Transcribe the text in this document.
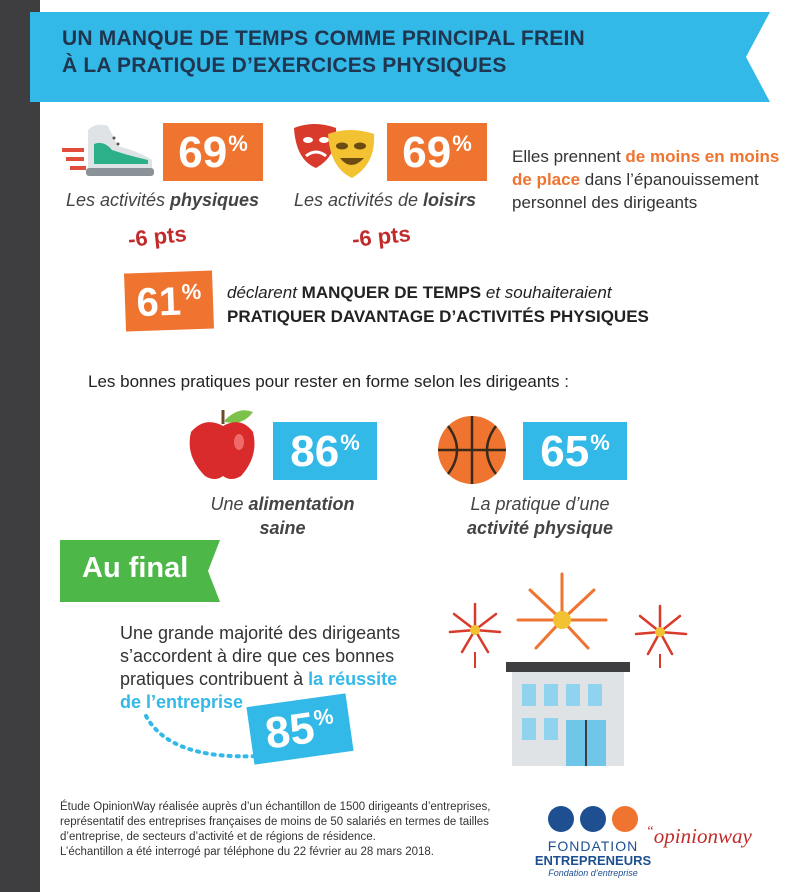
UN MANQUE DE TEMPS COMME PRINCIPAL FREIN
À LA PRATIQUE D’EXERCICES PHYSIQUES
69 %
Les activités physiques
-6 pts
69 %
Les activités de loisirs
-6 pts
Elles prennent de moins en moins de place dans l’épanouissement personnel des dirigeants
61 % déclarent MANQUER DE TEMPS et souhaiteraient
PRATIQUER DAVANTAGE D’ACTIVITÉS PHYSIQUES
Les bonnes pratiques pour rester en forme selon les dirigeants :
86 %
Une alimentation
saine
65 %
La pratique d’une
activité physique
Au final
Une grande majorité des dirigeants
s’accordent à dire que ces bonnes
pratiques contribuent à la réussite
de l’entreprise
85
%
Étude OpinionWay réalisée auprès d’un échantillon de 1500 dirigeants d’entreprises,
représentatif des entreprises françaises de moins de 50 salariés en termes de tailles
d’entreprise, de secteurs d’activité et de régions de résidence.
L’échantillon a été interrogé par téléphone du 22 février au 28 mars 2018.	FONDATION
ENTREPRENEURS
Fondation d’entreprise
“opinionway
